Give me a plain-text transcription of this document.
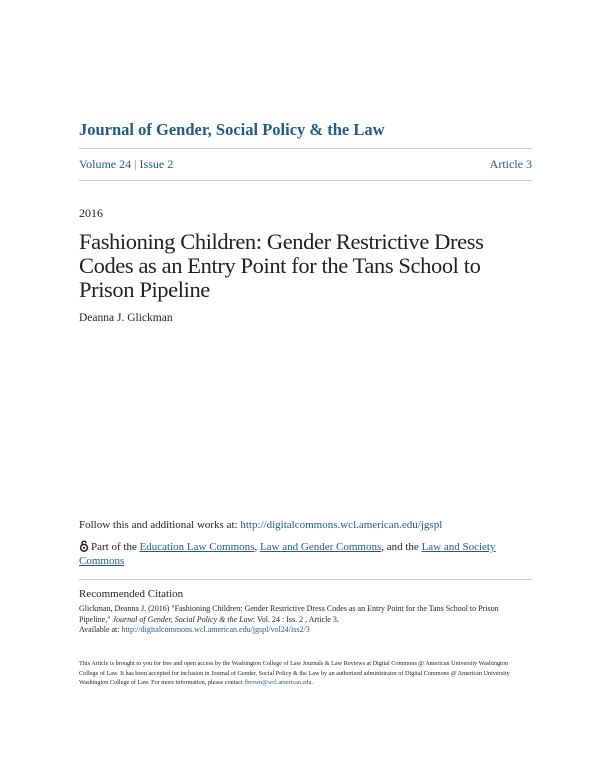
Journal of Gender, Social Policy & the Law
Volume 24 | Issue 2	Article 3
2016
Fashioning Children: Gender Restrictive Dress Codes as an Entry Point for the Tans School to Prison Pipeline
Deanna J. Glickman
Follow this and additional works at: http://digitalcommons.wcl.american.edu/jgspl
Part of the Education Law Commons, Law and Gender Commons, and the Law and Society Commons
Recommended Citation
Glickman, Deanna J. (2016) "Fashioning Children: Gender Restrictive Dress Codes as an Entry Point for the Tans School to Prison Pipeline," Journal of Gender, Social Policy & the Law: Vol. 24 : Iss. 2 , Article 3.
Available at: http://digitalcommons.wcl.american.edu/jgspl/vol24/iss2/3
This Article is brought to you for free and open access by the Washington College of Law Journals & Law Reviews at Digital Commons @ American University Washington College of Law. It has been accepted for inclusion in Journal of Gender, Social Policy & the Law by an authorized administrator of Digital Commons @ American University Washington College of Law. For more information, please contact fbrown@wcl.american.edu.
